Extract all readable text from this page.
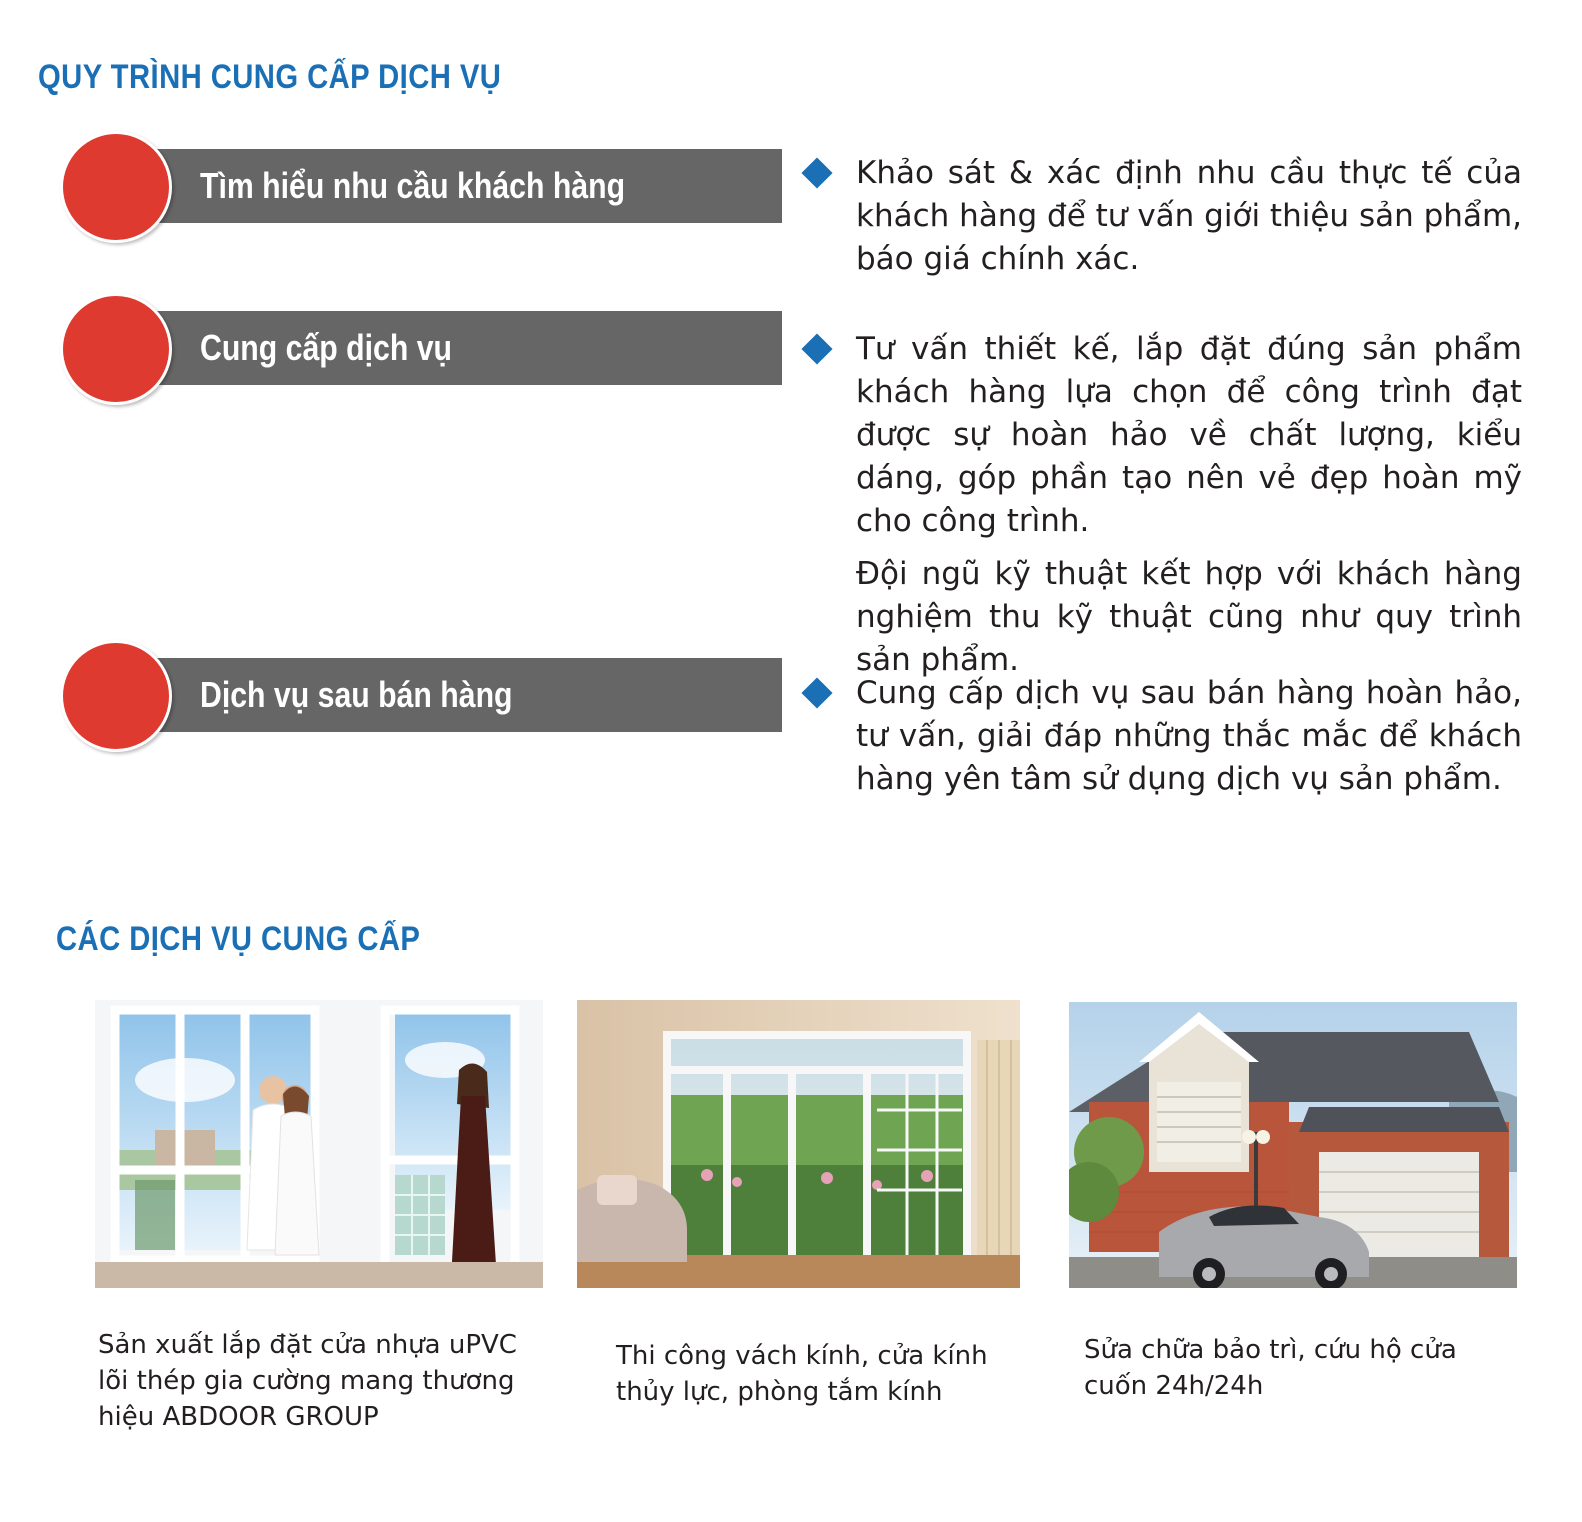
QUY TRÌNH CUNG CẤP DỊCH VỤ
Tìm hiểu nhu cầu khách hàng	Khảo sát & xác định nhu cầu thực tế của khách hàng để tư vấn giới thiệu sản phẩm, báo giá chính xác.

Cung cấp dịch vụ	Tư vấn thiết kế, lắp đặt đúng sản phẩm khách hàng lựa chọn để công trình đạt được sự hoàn hảo về chất lượng, kiểu dáng, góp phần tạo nên vẻ đẹp hoàn mỹ cho công trình.

Đội ngũ kỹ thuật kết hợp với khách hàng nghiệm thu kỹ thuật cũng như quy trình sản phẩm.

Dịch vụ sau bán hàng	Cung cấp dịch vụ sau bán hàng hoàn hảo, tư vấn, giải đáp những thắc mắc để khách hàng yên tâm sử dụng dịch vụ sản phẩm.

CÁC DỊCH VỤ CUNG CẤP

Sản xuất lắp đặt cửa nhựa uPVC lõi thép gia cường mang thương hiệu ABDOOR GROUP

Thi công vách kính, cửa kính thủy lực, phòng tắm kính

Sửa chữa bảo trì, cứu hộ cửa cuốn 24h/24h
